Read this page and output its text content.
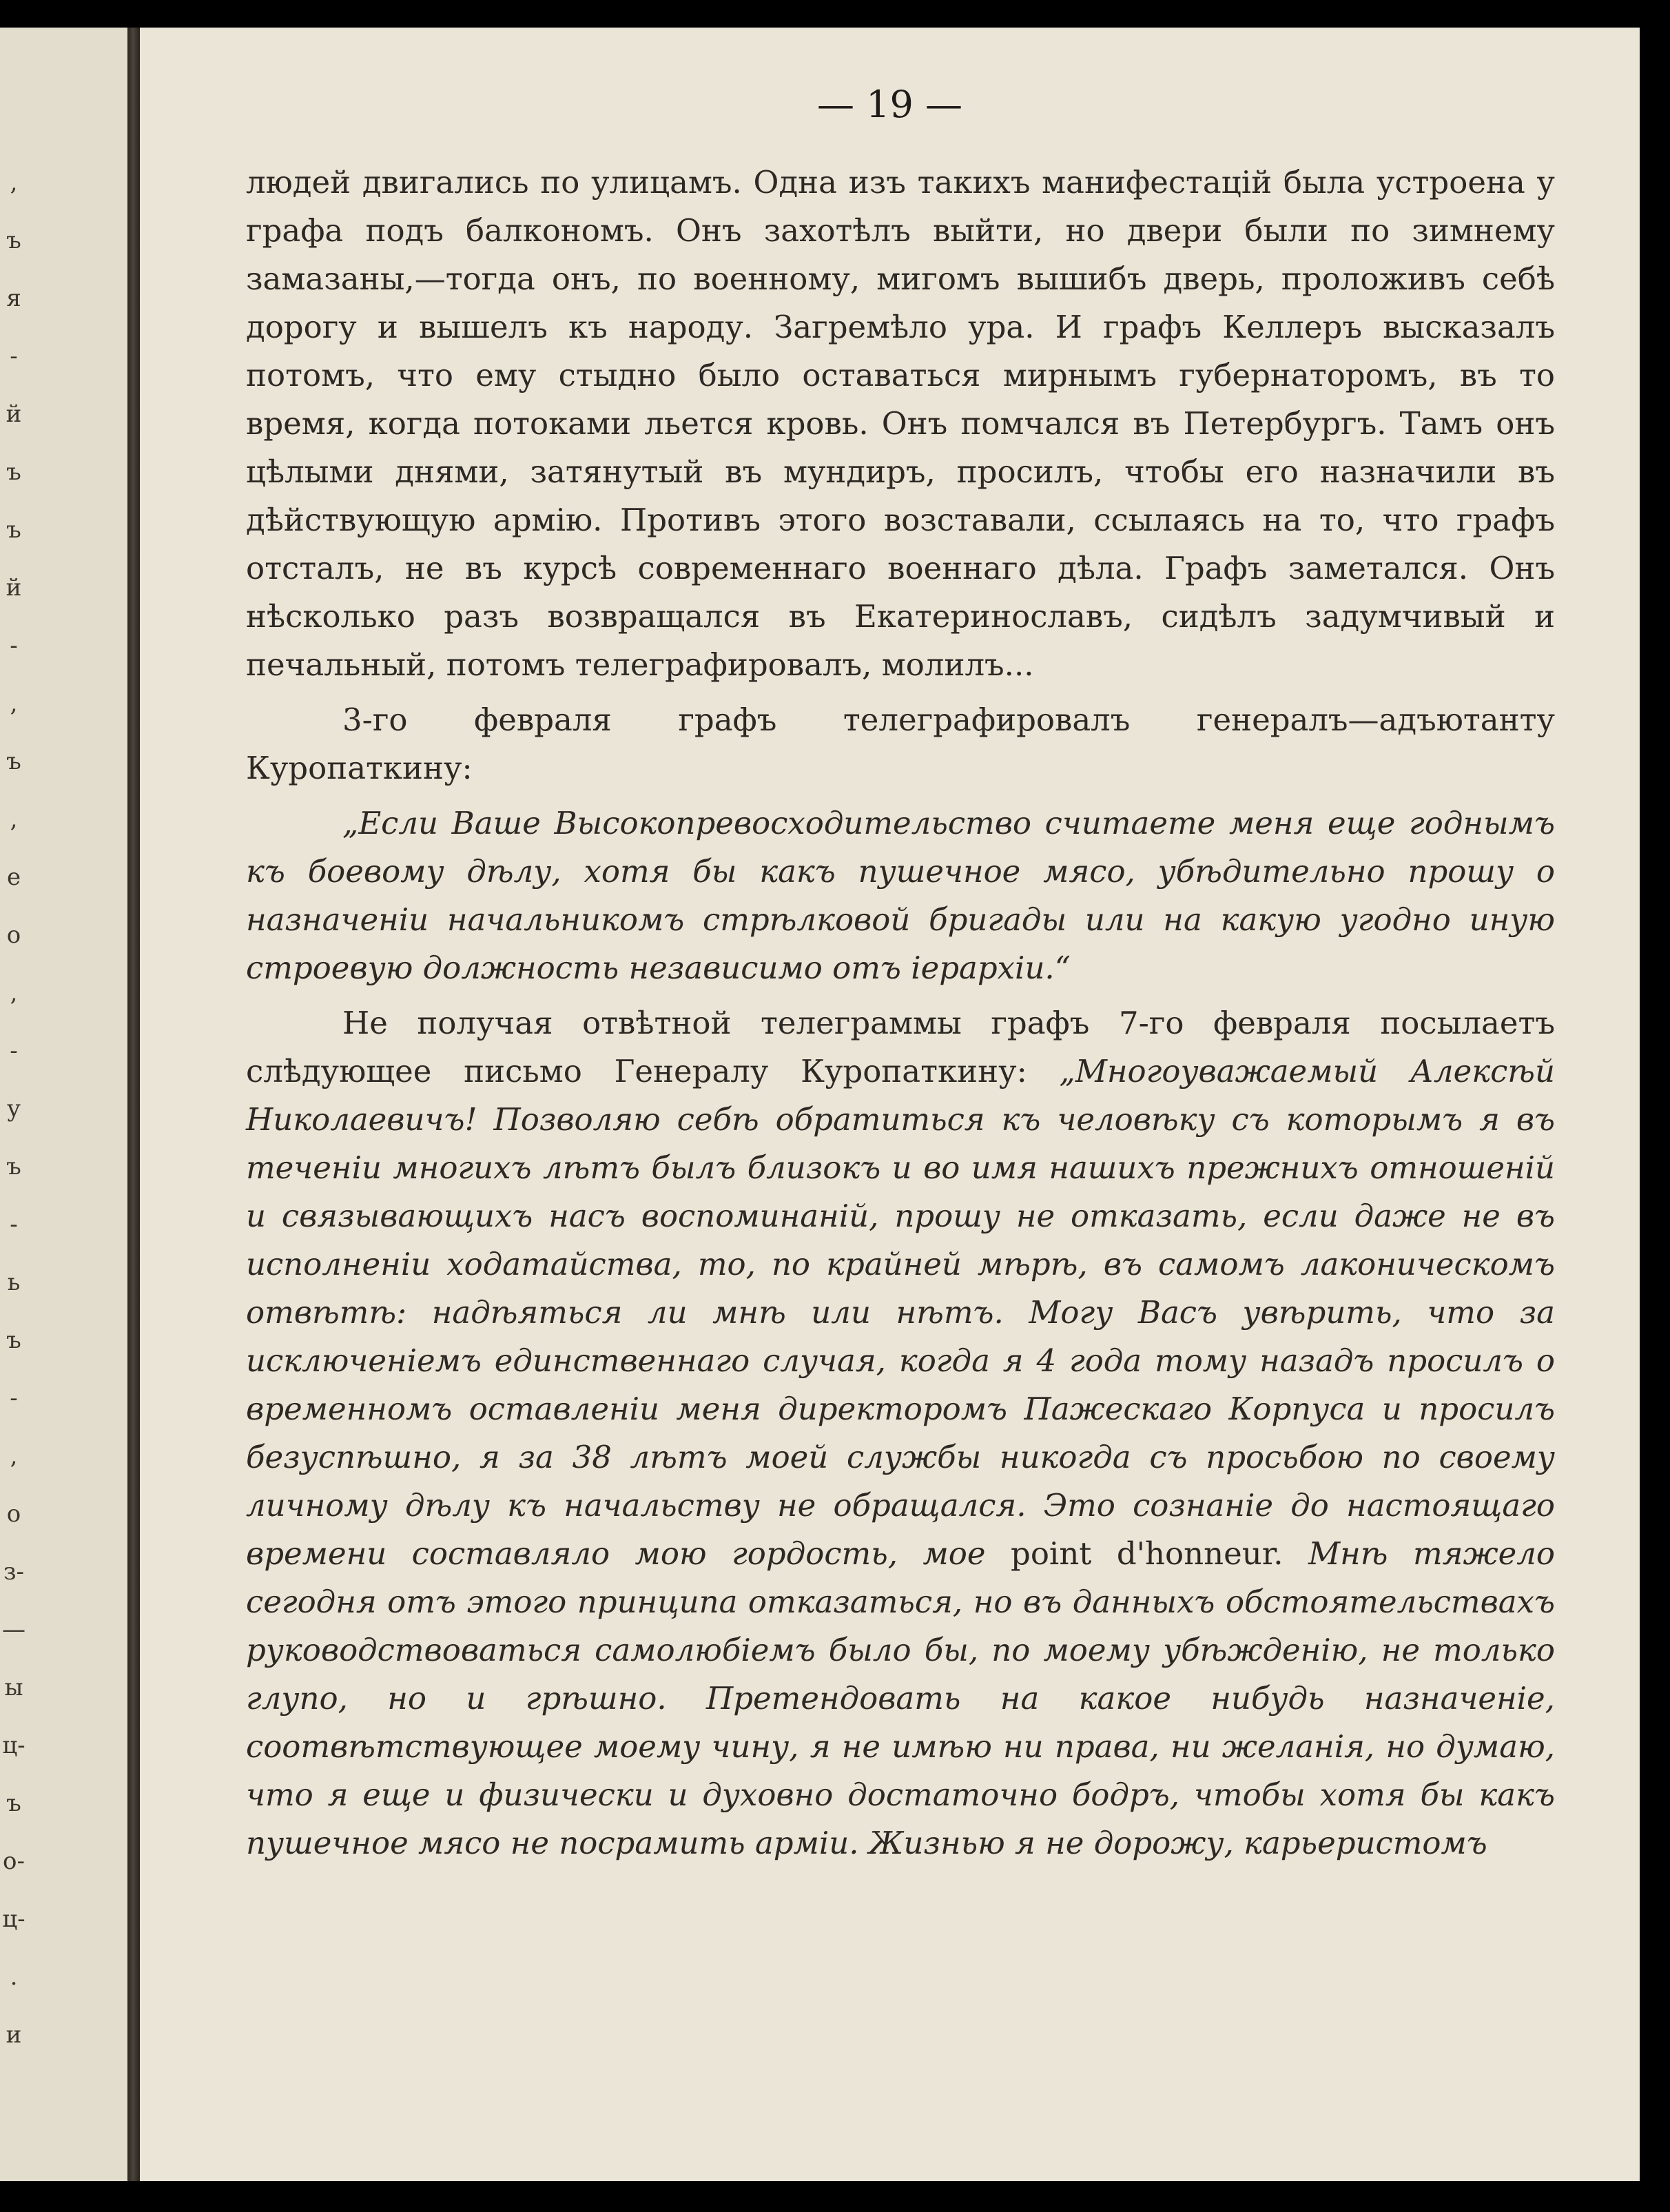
,
ъ
я
-
й
ъ
ъ
й
-
,
ъ
,
е
о
,
-
у
ъ
-
ь
ъ
-
,
о
з-
—
ы
ц-
ъ
о-
ц-
.
и
— 19 —

людей двигались по улицамъ. Одна изъ такихъ манифестацій была устроена у графа подъ балкономъ. Онъ захотѣлъ выйти, но двери были по зимнему замазаны,—тогда онъ, по военному, мигомъ вышибъ дверь, проложивъ себѣ дорогу и вышелъ къ народу. Загремѣло ура. И графъ Келлеръ высказалъ потомъ, что ему стыдно было оставаться мирнымъ губернаторомъ, въ то время, когда потоками льется кровь. Онъ помчался въ Петербургъ. Тамъ онъ цѣлыми днями, затянутый въ мундиръ, просилъ, чтобы его назначили въ дѣйствующую армію. Противъ этого возставали, ссылаясь на то, что графъ отсталъ, не въ курсѣ современнаго военнаго дѣла. Графъ заметался. Онъ нѣсколько разъ возвращался въ Екатеринославъ, сидѣлъ задумчивый и печальный, потомъ телеграфировалъ, молилъ...

3-го февраля графъ телеграфировалъ генералъ—адъютанту Куропаткину:

„Если Ваше Высокопревосходительство считаете меня еще годнымъ къ боевому дѣлу, хотя бы какъ пушечное мясо, убѣдительно прошу о назначеніи начальникомъ стрѣлковой бригады или на какую угодно иную строевую должность независимо отъ іерархіи.“

Не получая отвѣтной телеграммы графъ 7-го февраля посылаетъ слѣдующее письмо Генералу Куропаткину: „Многоуважаемый Алексѣй Николаевичъ! Позволяю себѣ обратиться къ человѣку съ которымъ я въ теченіи многихъ лѣтъ былъ близокъ и во имя нашихъ прежнихъ отношеній и связывающихъ насъ воспоминаній, прошу не отказать, если даже не въ исполненіи ходатайства, то, по крайней мѣрѣ, въ самомъ лаконическомъ отвѣтѣ: надѣяться ли мнѣ или нѣтъ. Могу Васъ увѣрить, что за исключеніемъ единственнаго случая, когда я 4 года тому назадъ просилъ о временномъ оставленіи меня директоромъ Пажескаго Корпуса и просилъ безуспѣшно, я за 38 лѣтъ моей службы никогда съ просьбою по своему личному дѣлу къ начальству не обращался. Это сознаніе до настоящаго времени составляло мою гордость, мое point d'honneur. Мнѣ тяжело сегодня отъ этого принципа отказаться, но въ данныхъ обстоятельствахъ руководствоваться самолюбіемъ было бы, по моему убѣжденію, не только глупо, но и грѣшно. Претендовать на какое нибудь назначеніе, соотвѣтствующее моему чину, я не имѣю ни права, ни желанія, но думаю, что я еще и физически и духовно достаточно бодръ, чтобы хотя бы какъ пушечное мясо не посрамить арміи. Жизнью я не дорожу, карьеристомъ
